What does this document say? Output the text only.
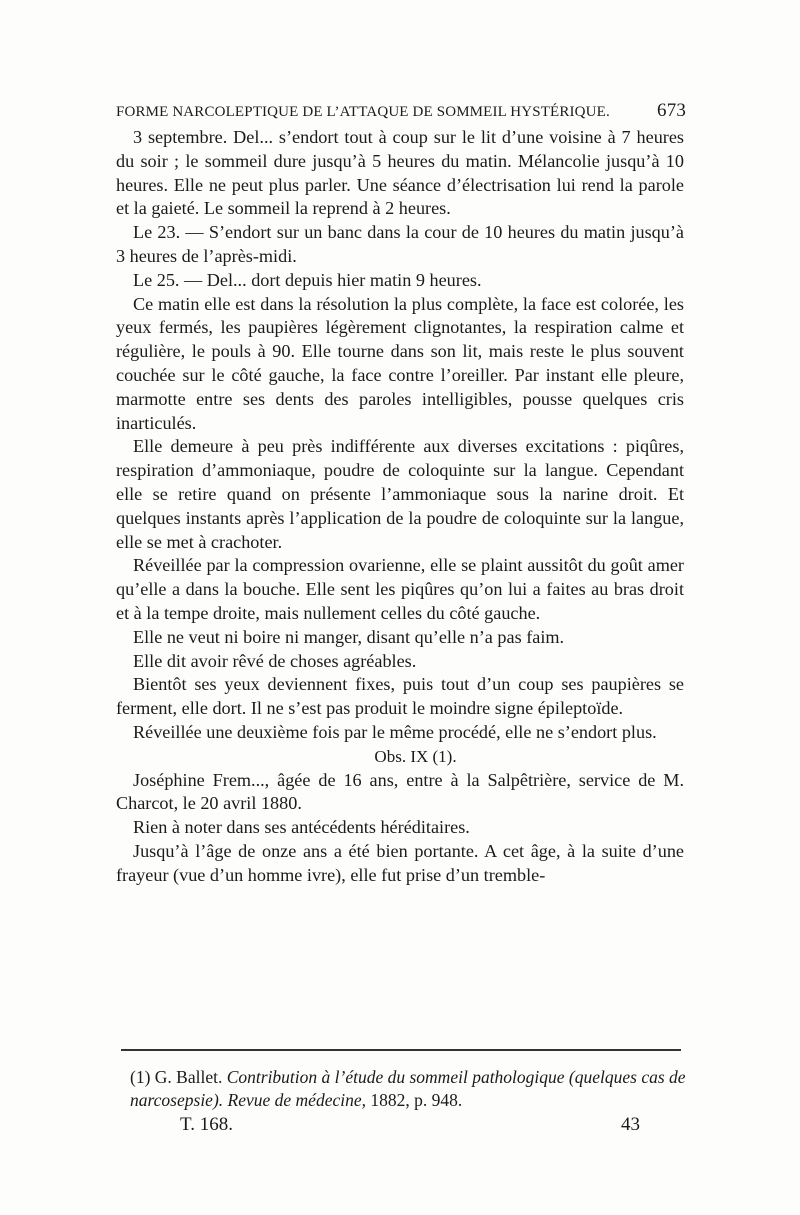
FORME NARCOLEPTIQUE DE L’ATTAQUE DE SOMMEIL HYSTÉRIQUE. 673

3 septembre. Del... s’endort tout à coup sur le lit d’une voisine à 7 heures du soir ; le sommeil dure jusqu’à 5 heures du matin. Mélancolie jusqu’à 10 heures. Elle ne peut plus parler. Une séance d’électrisation lui rend la parole et la gaieté. Le sommeil la reprend à 2 heures.

Le 23. — S’endort sur un banc dans la cour de 10 heures du matin jusqu’à 3 heures de l’après-midi.

Le 25. — Del... dort depuis hier matin 9 heures.

Ce matin elle est dans la résolution la plus complète, la face est colorée, les yeux fermés, les paupières légèrement clignotantes, la respiration calme et régulière, le pouls à 90. Elle tourne dans son lit, mais reste le plus souvent couchée sur le côté gauche, la face contre l’oreiller. Par instant elle pleure, marmotte entre ses dents des paroles intelligibles, pousse quelques cris inarticulés.

Elle demeure à peu près indifférente aux diverses excitations : piqûres, respiration d’ammoniaque, poudre de coloquinte sur la langue. Cependant elle se retire quand on présente l’ammoniaque sous la narine droit. Et quelques instants après l’application de la poudre de coloquinte sur la langue, elle se met à crachoter.

Réveillée par la compression ovarienne, elle se plaint aussitôt du goût amer qu’elle a dans la bouche. Elle sent les piqûres qu’on lui a faites au bras droit et à la tempe droite, mais nullement celles du côté gauche.

Elle ne veut ni boire ni manger, disant qu’elle n’a pas faim.

Elle dit avoir rêvé de choses agréables.

Bientôt ses yeux deviennent fixes, puis tout d’un coup ses paupières se ferment, elle dort. Il ne s’est pas produit le moindre signe épileptoïde.

Réveillée une deuxième fois par le même procédé, elle ne s’endort plus.

Obs. IX (1).

Joséphine Frem..., âgée de 16 ans, entre à la Salpêtrière, service de M. Charcot, le 20 avril 1880.

Rien à noter dans ses antécédents héréditaires.

Jusqu’à l’âge de onze ans a été bien portante. A cet âge, à la suite d’une frayeur (vue d’un homme ivre), elle fut prise d’un tremble-

(1) G. Ballet. Contribution à l’étude du sommeil pathologique (quelques cas de narcosepsie). Revue de médecine, 1882, p. 948.
T. 168.	43
